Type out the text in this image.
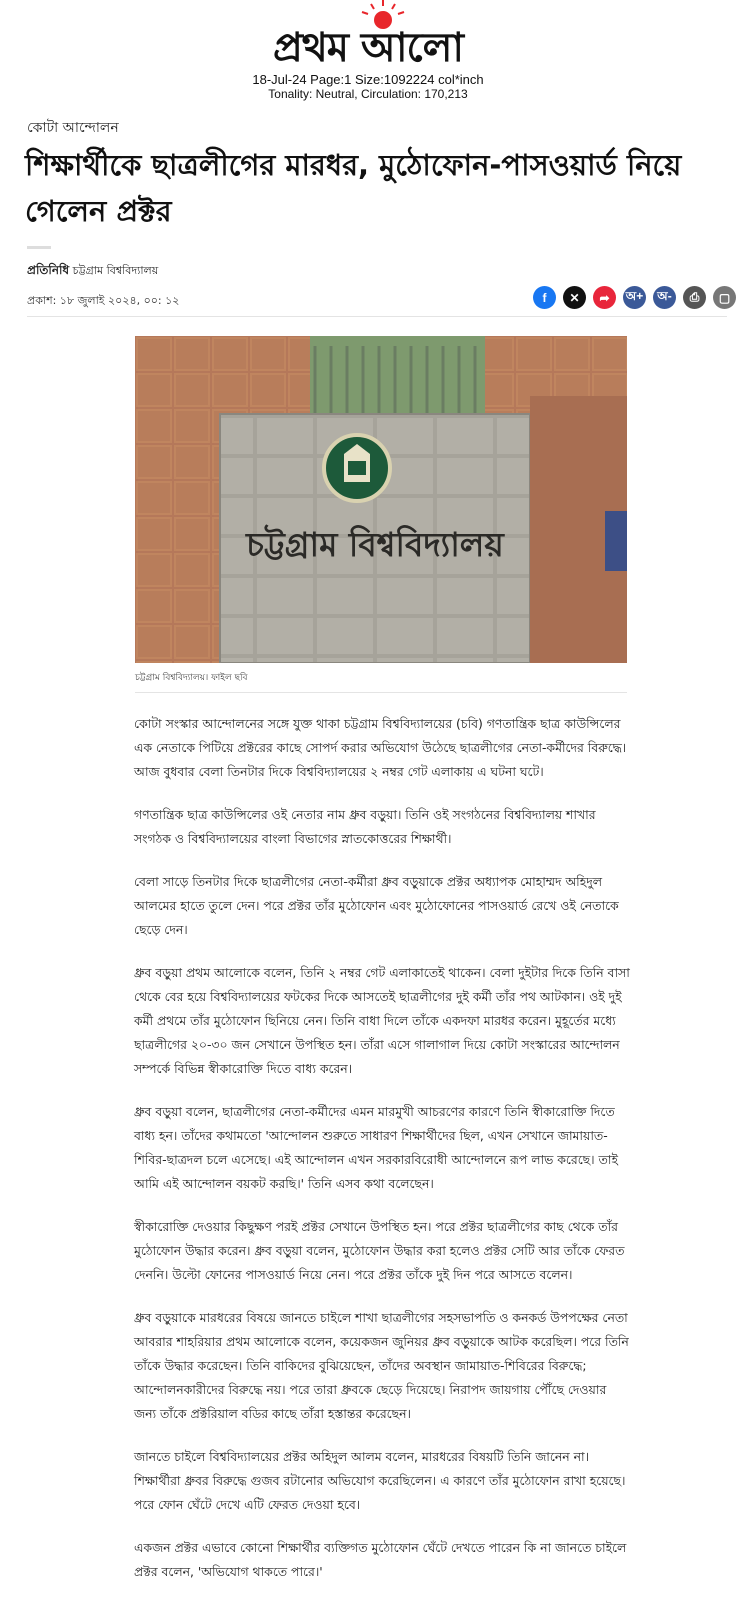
প্রথম আলো
18-Jul-24 Page:1 Size:1092224 col*inch
Tonality: Neutral, Circulation: 170,213
কোটা আন্দোলন
শিক্ষার্থীকে ছাত্রলীগের মারধর, মুঠোফোন-পাসওয়ার্ড নিয়ে গেলেন প্রক্টর
প্রতিনিধি চট্টগ্রাম বিশ্ববিদ্যালয়
প্রকাশ: ১৮ জুলাই ২০২৪, ০০: ১২	f ✕ ➦ অ+ অ- ⎙ ▢
চট্টগ্রাম বিশ্ববিদ্যালয়
চট্টগ্রাম বিশ্ববিদ্যালয়। ফাইল ছবি

কোটা সংস্কার আন্দোলনের সঙ্গে যুক্ত থাকা চট্টগ্রাম বিশ্ববিদ্যালয়ের (চবি) গণতান্ত্রিক ছাত্র কাউন্সিলের এক নেতাকে পিটিয়ে প্রক্টরের কাছে সোপর্দ করার অভিযোগ উঠেছে ছাত্রলীগের নেতা-কর্মীদের বিরুদ্ধে। আজ বুধবার বেলা তিনটার দিকে বিশ্ববিদ্যালয়ের ২ নম্বর গেট এলাকায় এ ঘটনা ঘটে।

গণতান্ত্রিক ছাত্র কাউন্সিলের ওই নেতার নাম ধ্রুব বড়ুয়া। তিনি ওই সংগঠনের বিশ্ববিদ্যালয় শাখার সংগঠক ও বিশ্ববিদ্যালয়ের বাংলা বিভাগের স্নাতকোত্তরের শিক্ষার্থী।

বেলা সাড়ে তিনটার দিকে ছাত্রলীগের নেতা-কর্মীরা ধ্রুব বড়ুয়াকে প্রক্টর অধ্যাপক মোহাম্মদ অহিদুল আলমের হাতে তুলে দেন। পরে প্রক্টর তাঁর মুঠোফোন এবং মুঠোফোনের পাসওয়ার্ড রেখে ওই নেতাকে ছেড়ে দেন।

ধ্রুব বড়ুয়া প্রথম আলোকে বলেন, তিনি ২ নম্বর গেট এলাকাতেই থাকেন। বেলা দুইটার দিকে তিনি বাসা থেকে বের হয়ে বিশ্ববিদ্যালয়ের ফটকের দিকে আসতেই ছাত্রলীগের দুই কর্মী তাঁর পথ আটকান। ওই দুই কর্মী প্রথমে তাঁর মুঠোফোন ছিনিয়ে নেন। তিনি বাধা দিলে তাঁকে একদফা মারধর করেন। মুহূর্তের মধ্যে ছাত্রলীগের ২০-৩০ জন সেখানে উপস্থিত হন। তাঁরা এসে গালাগাল দিয়ে কোটা সংস্কারের আন্দোলন সম্পর্কে বিভিন্ন স্বীকারোক্তি দিতে বাধ্য করেন।

ধ্রুব বড়ুয়া বলেন, ছাত্রলীগের নেতা-কর্মীদের এমন মারমুখী আচরণের কারণে তিনি স্বীকারোক্তি দিতে বাধ্য হন। তাঁদের কথামতো 'আন্দোলন শুরুতে সাধারণ শিক্ষার্থীদের ছিল, এখন সেখানে জামায়াত-শিবির-ছাত্রদল চলে এসেছে। এই আন্দোলন এখন সরকারবিরোধী আন্দোলনে রূপ লাভ করেছে। তাই আমি এই আন্দোলন বয়কট করছি।' তিনি এসব কথা বলেছেন।

স্বীকারোক্তি দেওয়ার কিছুক্ষণ পরই প্রক্টর সেখানে উপস্থিত হন। পরে প্রক্টর ছাত্রলীগের কাছ থেকে তাঁর মুঠোফোন উদ্ধার করেন। ধ্রুব বড়ুয়া বলেন, মুঠোফোন উদ্ধার করা হলেও প্রক্টর সেটি আর তাঁকে ফেরত দেননি। উল্টো ফোনের পাসওয়ার্ড নিয়ে নেন। পরে প্রক্টর তাঁকে দুই দিন পরে আসতে বলেন।

ধ্রুব বড়ুয়াকে মারধরের বিষয়ে জানতে চাইলে শাখা ছাত্রলীগের সহসভাপতি ও কনকর্ড উপপক্ষের নেতা আবরার শাহরিয়ার প্রথম আলোকে বলেন, কয়েকজন জুনিয়র ধ্রুব বড়ুয়াকে আটক করেছিল। পরে তিনি তাঁকে উদ্ধার করেছেন। তিনি বাকিদের বুঝিয়েছেন, তাঁদের অবস্থান জামায়াত-শিবিরের বিরুদ্ধে; আন্দোলনকারীদের বিরুদ্ধে নয়। পরে তারা ধ্রুবকে ছেড়ে দিয়েছে। নিরাপদ জায়গায় পৌঁছে দেওয়ার জন্য তাঁকে প্রক্টরিয়াল বডির কাছে তাঁরা হস্তান্তর করেছেন।

জানতে চাইলে বিশ্ববিদ্যালয়ের প্রক্টর অহিদুল আলম বলেন, মারধরের বিষয়টি তিনি জানেন না। শিক্ষার্থীরা ধ্রুবর বিরুদ্ধে গুজব রটানোর অভিযোগ করেছিলেন। এ কারণে তাঁর মুঠোফোন রাখা হয়েছে। পরে ফোন ঘেঁটে দেখে এটি ফেরত দেওয়া হবে।

একজন প্রক্টর এভাবে কোনো শিক্ষার্থীর ব্যক্তিগত মুঠোফোন ঘেঁটে দেখতে পারেন কি না জানতে চাইলে প্রক্টর বলেন, 'অভিযোগ থাকতে পারে।'
